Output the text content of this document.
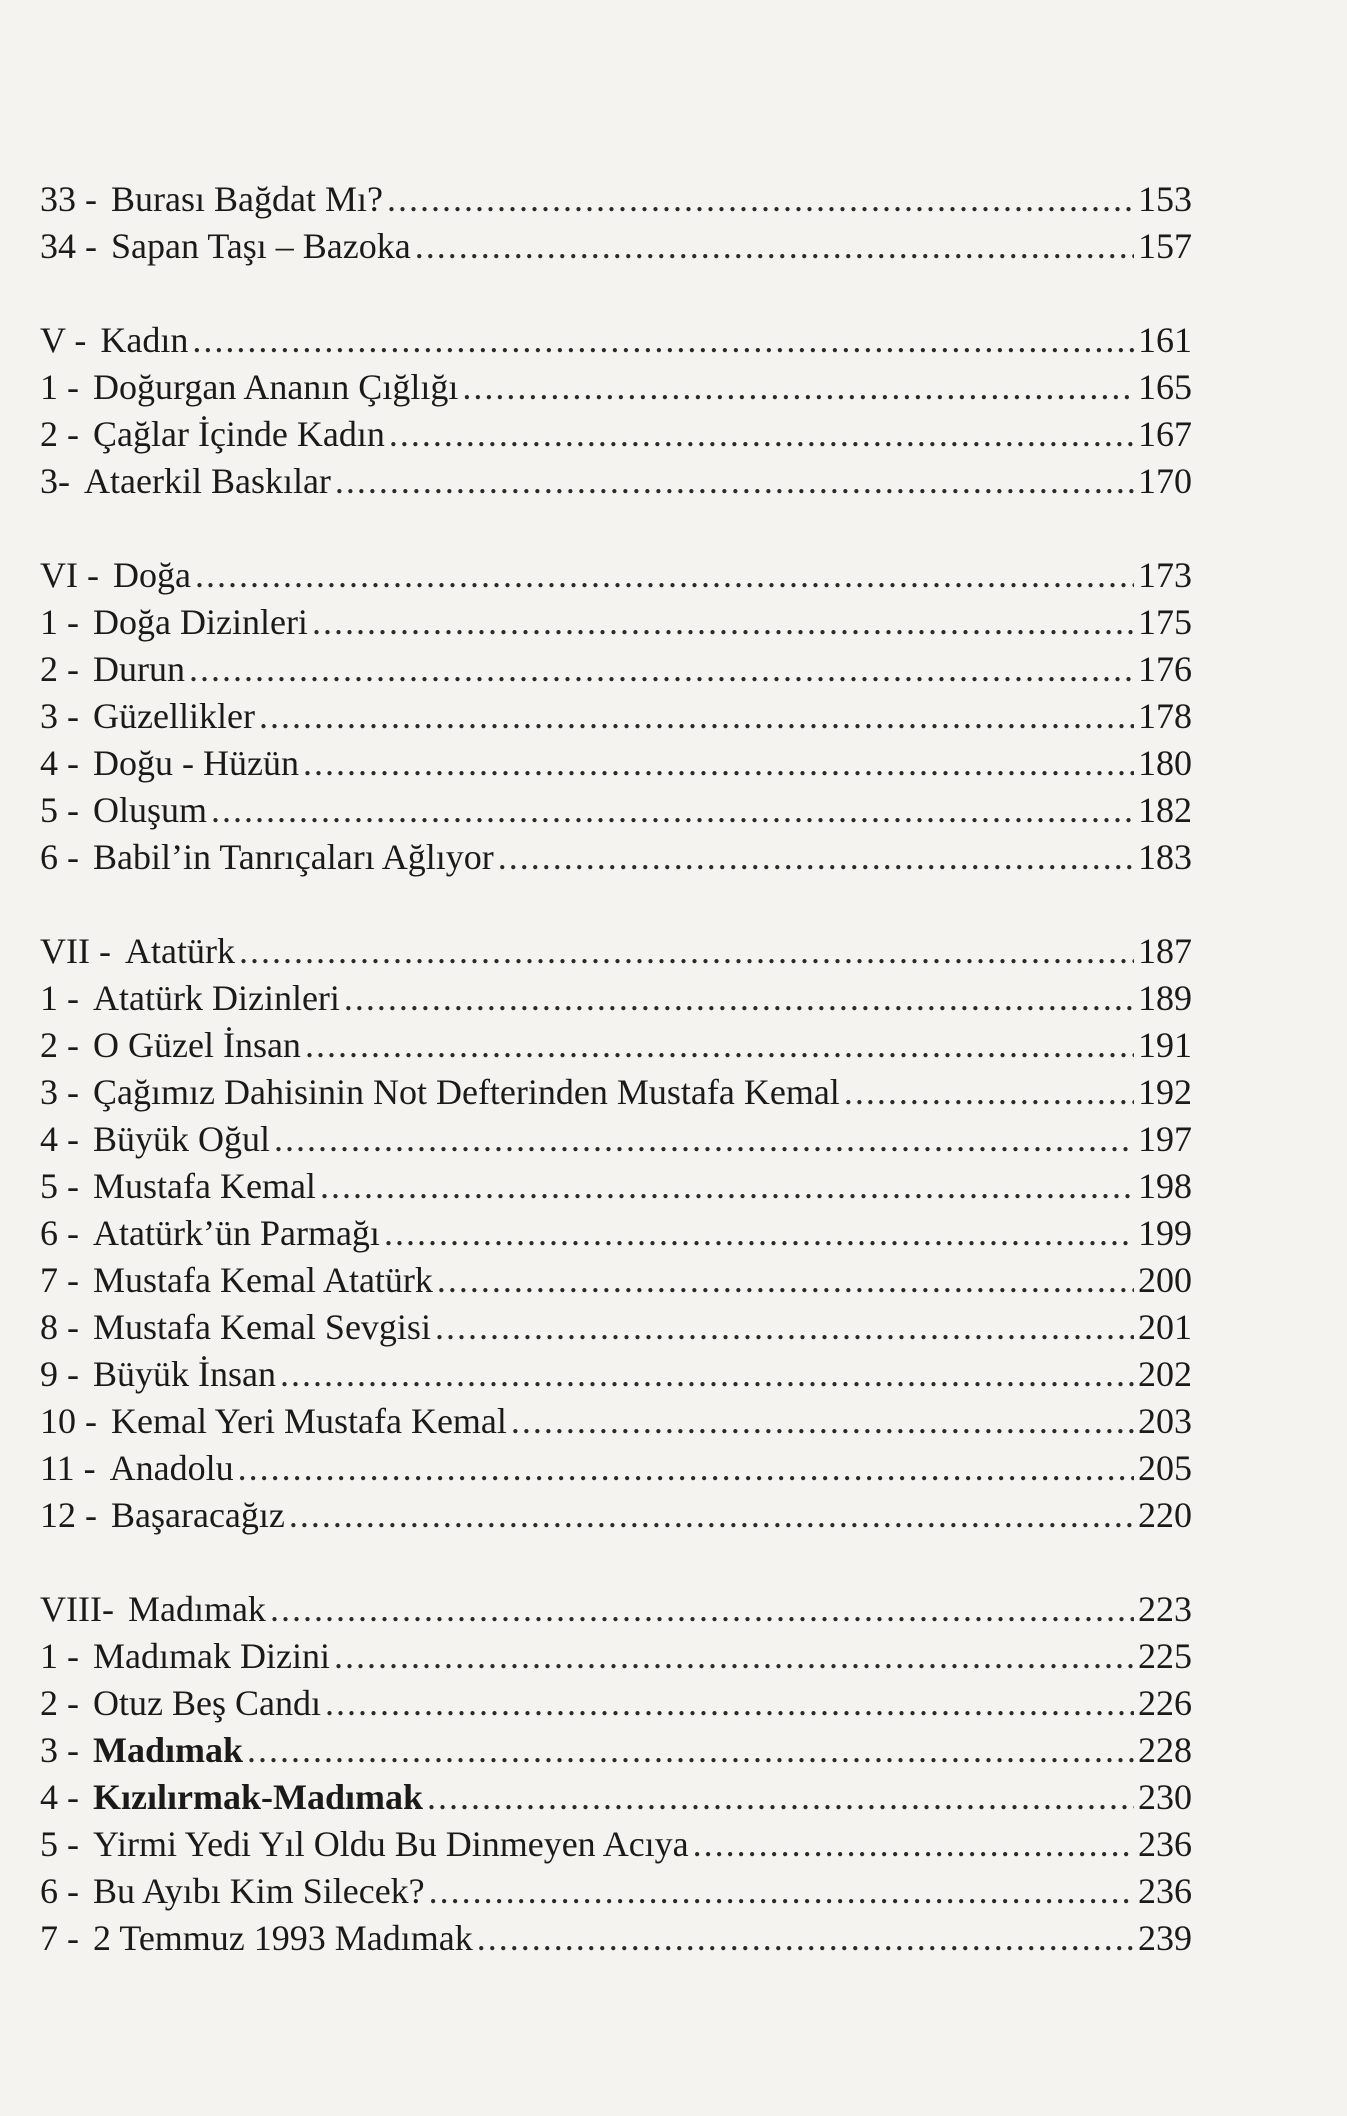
33 - Burası Bağdat Mı? .....	153
34 - Sapan Taşı – Bazoka .....	157
V - Kadın .....	161
1 - Doğurgan Ananın Çığlığı .....	165
2 - Çağlar İçinde Kadın .....	167
3- Ataerkil Baskılar .....	170
VI - Doğa .....	173
1 - Doğa Dizinleri .....	175
2 - Durun .....	176
3 - Güzellikler .....	178
4 - Doğu - Hüzün .....	180
5 - Oluşum .....	182
6 - Babil’in Tanrıçaları Ağlıyor .....	183
VII - Atatürk .....	187
1 - Atatürk Dizinleri .....	189
2 - O Güzel İnsan .....	191
3 - Çağımız Dahisinin Not Defterinden Mustafa Kemal .....	192
4 - Büyük Oğul .....	197
5 - Mustafa Kemal .....	198
6 - Atatürk’ün Parmağı .....	199
7 - Mustafa Kemal Atatürk .....	200
8 - Mustafa Kemal Sevgisi .....	201
9 - Büyük İnsan .....	202
10 - Kemal Yeri Mustafa Kemal .....	203
11 - Anadolu .....	205
12 - Başaracağız .....	220
VIII- Madımak .....	223
1 - Madımak Dizini .....	225
2 - Otuz Beş Candı .....	226
3 - Madımak .....	228
4 - Kızılırmak-Madımak .....	230
5 - Yirmi Yedi Yıl Oldu Bu Dinmeyen Acıya .....	236
6 - Bu Ayıbı Kim Silecek? .....	236
7 - 2 Temmuz 1993 Madımak .....	239
